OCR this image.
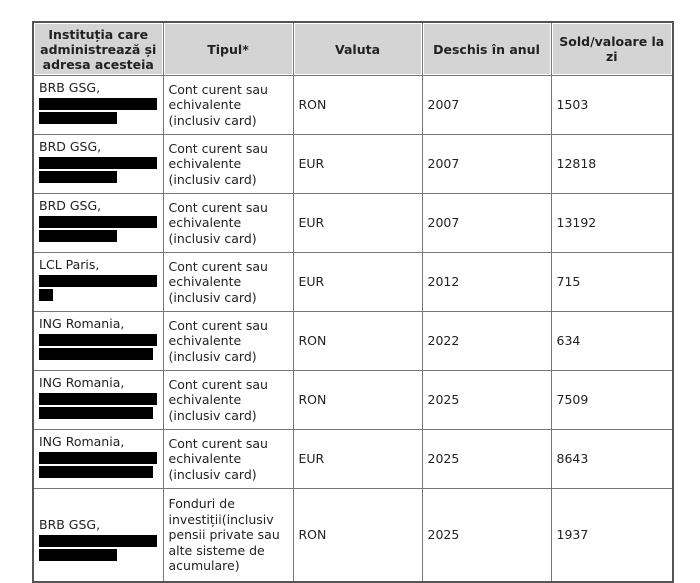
Instituția care administrează și adresa acesteia	Tipul*	Valuta	Deschis în anul	Sold/valoare la zi

BRB GSG,	Cont curent sau echivalente (inclusiv card)	RON	2007	1503

BRD GSG,	Cont curent sau echivalente (inclusiv card)	EUR	2007	12818

BRD GSG,	Cont curent sau echivalente (inclusiv card)	EUR	2007	13192

LCL Paris,	Cont curent sau echivalente (inclusiv card)	EUR	2012	715

ING Romania,	Cont curent sau echivalente (inclusiv card)	RON	2022	634

ING Romania,	Cont curent sau echivalente (inclusiv card)	RON	2025	7509

ING Romania,	Cont curent sau echivalente (inclusiv card)	EUR	2025	8643

BRB GSG,	Fonduri de investiții(inclusiv pensii private sau alte sisteme de acumulare)	RON	2025	1937
